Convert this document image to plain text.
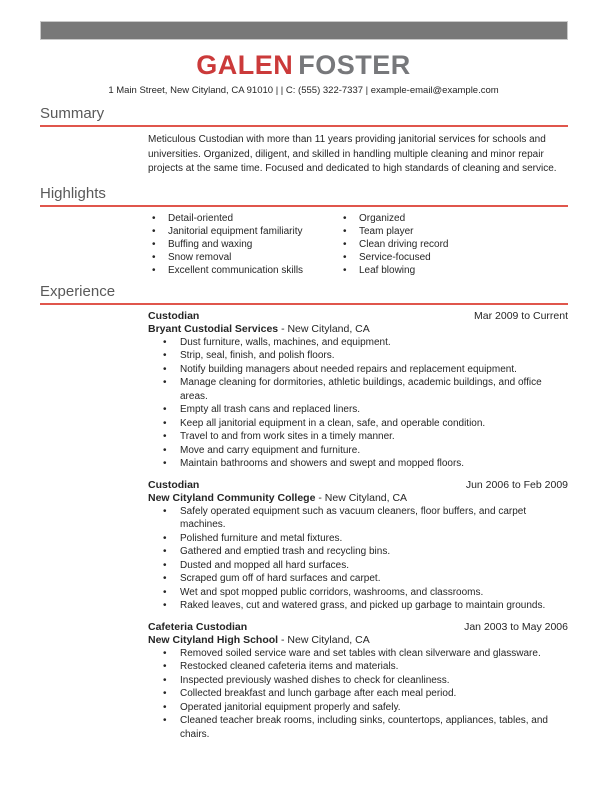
GALEN FOSTER
1 Main Street, New Cityland, CA 91010 | | C: (555) 322-7337 | example-email@example.com
Summary

Meticulous Custodian with more than 11 years providing janitorial services for schools and universities. Organized, diligent, and skilled in handling multiple cleaning and minor repair projects at the same time. Focused and dedicated to high standards of cleaning and service.

Highlights
• Detail-oriented
• Janitorial equipment familiarity
• Buffing and waxing
• Snow removal
• Excellent communication skills
• Organized
• Team player
• Clean driving record
• Service-focused
• Leaf blowing
Experience
Custodian	Mar 2009 to Current
Bryant Custodial Services - New Cityland, CA
• Dust furniture, walls, machines, and equipment.
• Strip, seal, finish, and polish floors.
• Notify building managers about needed repairs and replacement equipment.
• Manage cleaning for dormitories, athletic buildings, academic buildings, and office areas.
• Empty all trash cans and replaced liners.
• Keep all janitorial equipment in a clean, safe, and operable condition.
• Travel to and from work sites in a timely manner.
• Move and carry equipment and furniture.
• Maintain bathrooms and showers and swept and mopped floors.
Custodian	Jun 2006 to Feb 2009
New Cityland Community College - New Cityland, CA
• Safely operated equipment such as vacuum cleaners, floor buffers, and carpet machines.
• Polished furniture and metal fixtures.
• Gathered and emptied trash and recycling bins.
• Dusted and mopped all hard surfaces.
• Scraped gum off of hard surfaces and carpet.
• Wet and spot mopped public corridors, washrooms, and classrooms.
• Raked leaves, cut and watered grass, and picked up garbage to maintain grounds.
Cafeteria Custodian	Jan 2003 to May 2006
New Cityland High School - New Cityland, CA
• Removed soiled service ware and set tables with clean silverware and glassware.
• Restocked cleaned cafeteria items and materials.
• Inspected previously washed dishes to check for cleanliness.
• Collected breakfast and lunch garbage after each meal period.
• Operated janitorial equipment properly and safely.
• Cleaned teacher break rooms, including sinks, countertops, appliances, tables, and chairs.
